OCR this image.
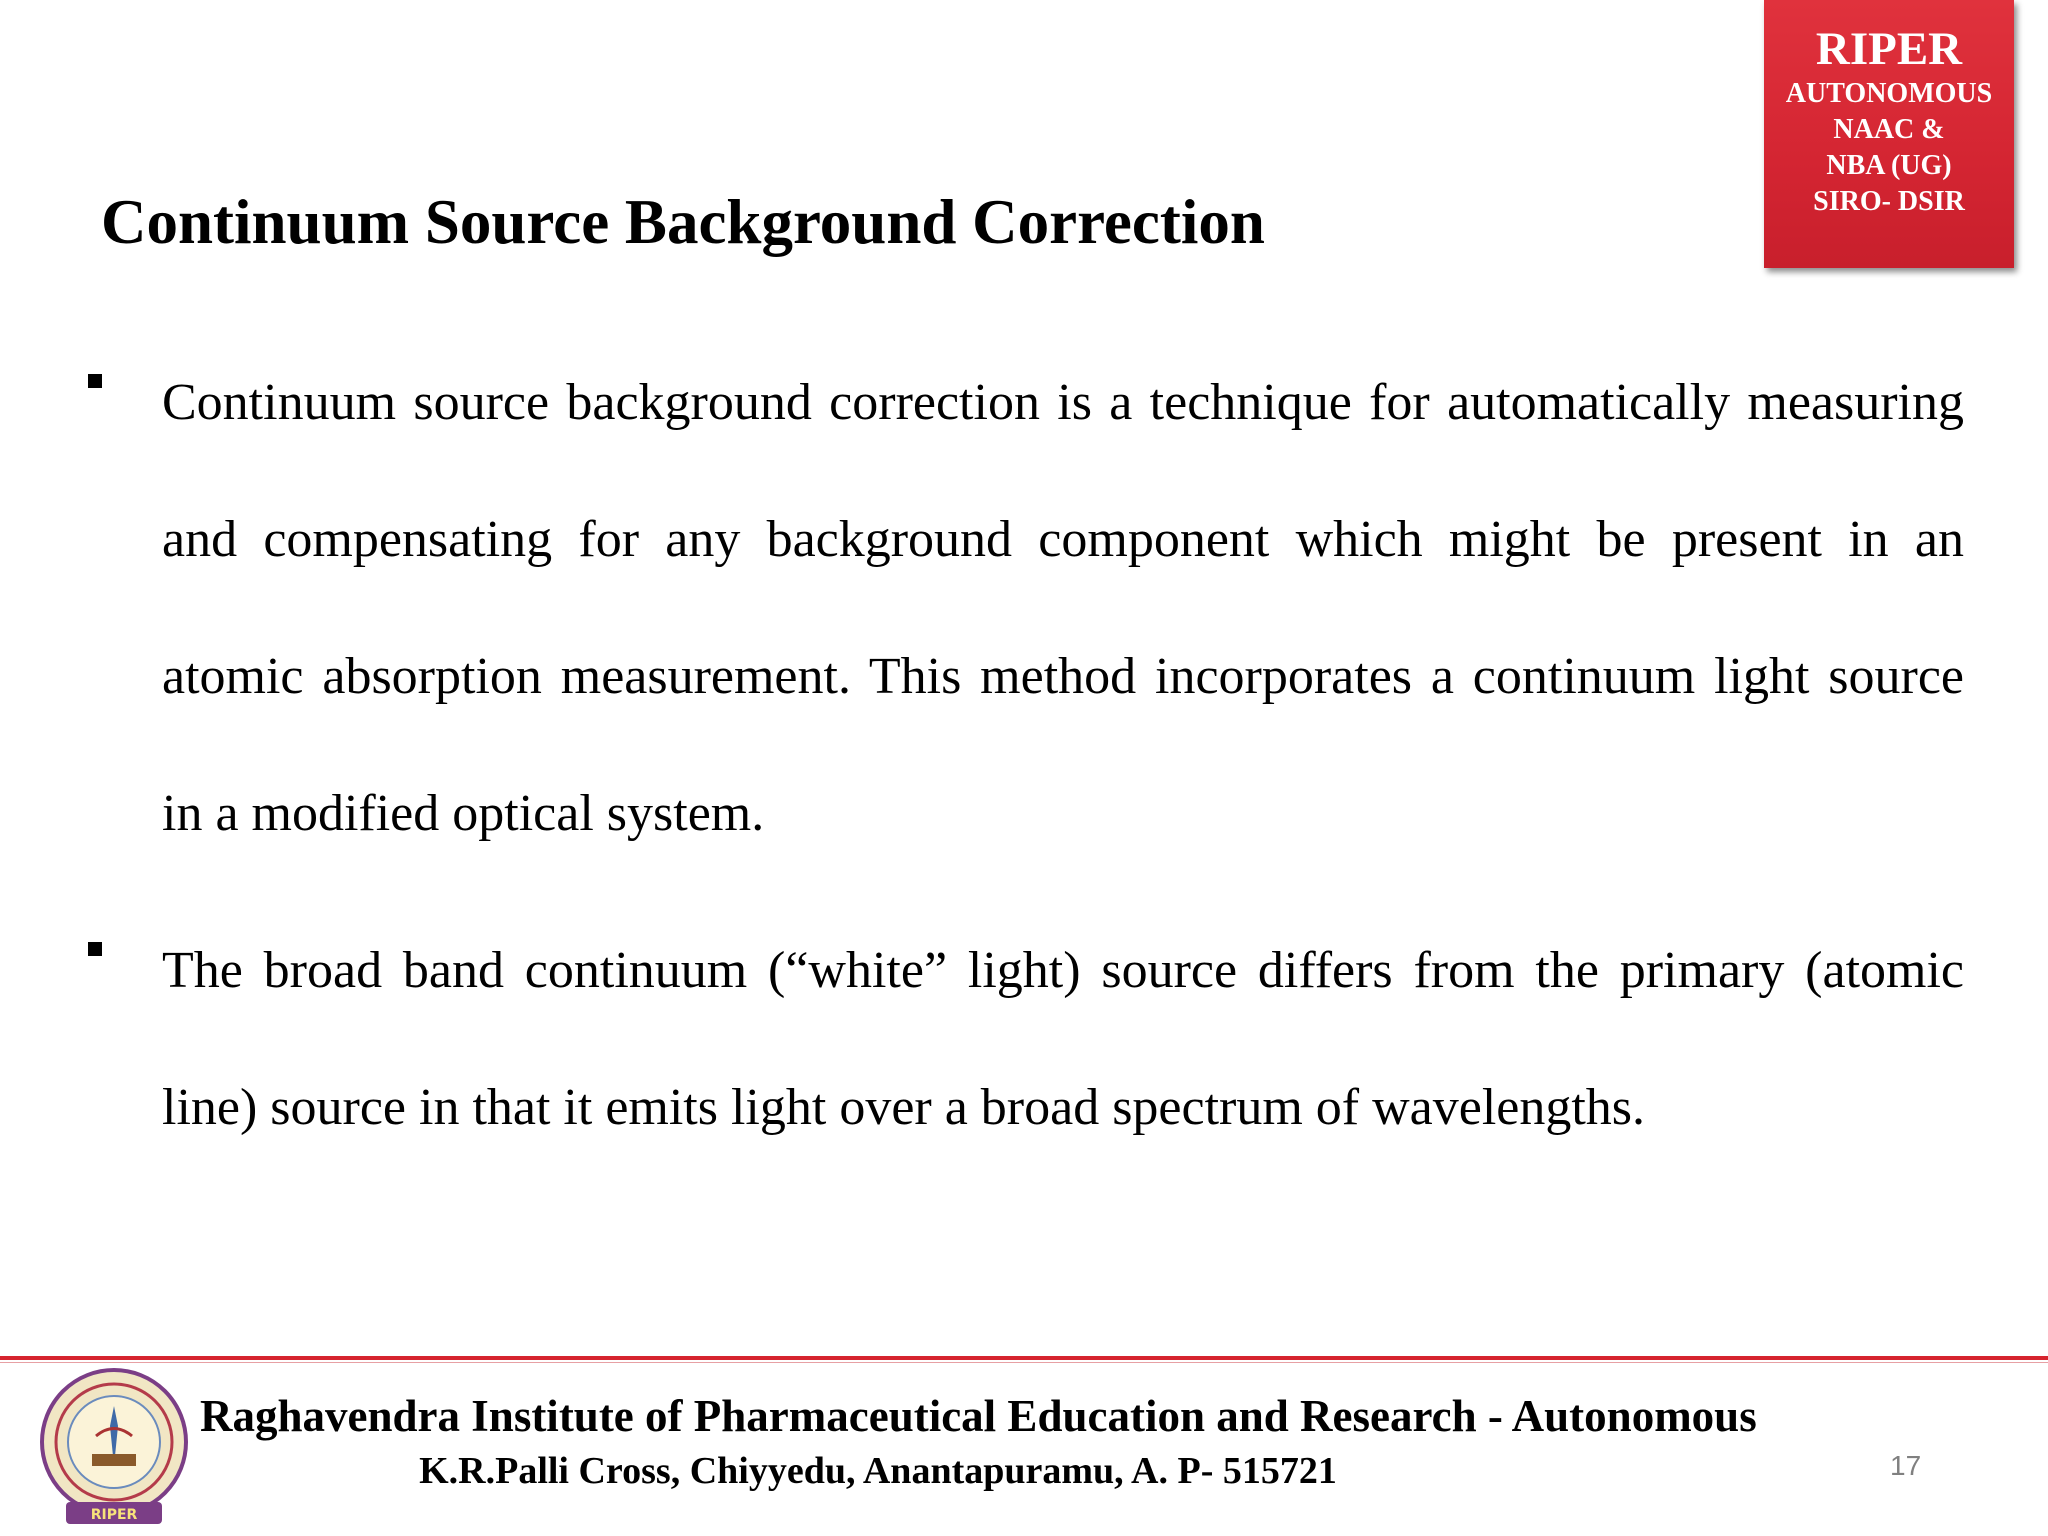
RIPER
AUTONOMOUS
NAAC &
NBA (UG)
SIRO- DSIR
Continuum Source Background Correction
Continuum source background correction is a technique for automatically measuring and compensating for any background component which might be present in an atomic absorption measurement. This method incorporates a continuum light source in a modified optical system.
The broad band continuum (“white” light) source differs from the primary (atomic line) source in that it emits light over a broad spectrum of wavelengths.
RIPER
Raghavendra Institute of Pharmaceutical Education and Research - Autonomous
K.R.Palli Cross, Chiyyedu, Anantapuramu, A. P- 515721	17
